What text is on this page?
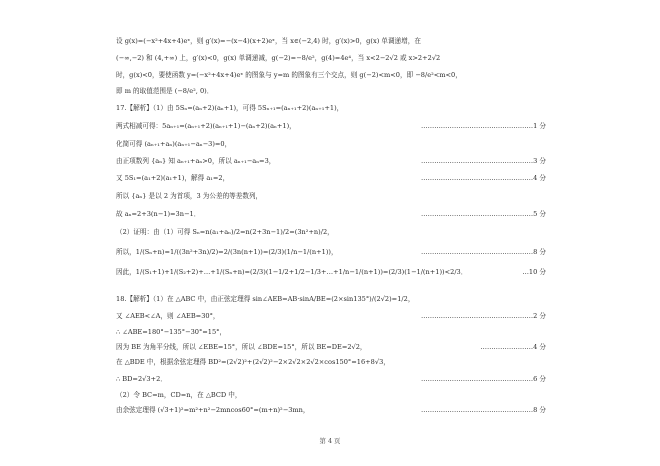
设 g(x)=(−x²+4x+4)eˣ，则 g′(x)=−(x−4)(x+2)eˣ，当 x∈(−2,4) 时，g′(x)>0，g(x) 单调递增，在
(−∞,−2) 和 (4,+∞) 上，g′(x)<0，g(x) 单调递减，g(−2)=−8/e²，g(4)=4e⁴，当 x<2−2√2 或 x>2+2√2
时，g(x)<0，要使函数 y=(−x²+4x+4)eˣ 的图象与 y=m 的图象有三个交点，则 g(−2)<m<0，即 −8/e²<m<0，
即 m 的取值范围是 (−8/e², 0)．
17.【解析】（1）由 5Sₙ=(aₙ+2)(aₙ+1)，可得 5Sₙ₊₁=(aₙ₊₁+2)(aₙ₊₁+1)，
两式相减可得：5aₙ₊₁=(aₙ₊₁+2)(aₙ₊₁+1)−(aₙ+2)(aₙ+1)，	……………………………………………1 分
化简可得 (aₙ₊₁+aₙ)(aₙ₊₁−aₙ−3)=0，
由正项数列 {aₙ} 知 aₙ₊₁+aₙ>0，所以 aₙ₊₁−aₙ=3，	……………………………………………3 分
又 5S₁=(a₁+2)(a₁+1)，解得 a₁=2，	……………………………………………4 分
所以 {aₙ} 是以 2 为首项，3 为公差的等差数列，
故 aₙ=2+3(n−1)=3n−1．	……………………………………………5 分
（2）证明：由（1）可得 Sₙ=n(a₁+aₙ)/2=n(2+3n−1)/2=(3n²+n)/2，
所以，1/(Sₙ+n)=1/((3n²+3n)/2)=2/(3n(n+1))=(2/3)(1/n−1/(n+1))，	……………………………………………8 分
因此，1/(S₁+1)+1/(S₂+2)+…+1/(Sₙ+n)=(2/3)(1−1/2+1/2−1/3+…+1/n−1/(n+1))=(2/3)(1−1/(n+1))<2/3．	…10 分
18.【解析】（1）在 △ABC 中，由正弦定理得 sin∠AEB=AB·sinA/BE=(2×sin135°)/(2√2)=1/2，
又 ∠AEB<∠A，则 ∠AEB=30°，	……………………………………………2 分
∴ ∠ABE=180°−135°−30°=15°，
因为 BE 为角平分线，所以 ∠EBE=15°，所以 ∠BDE=15°，所以 BE=DE=2√2，	……………………4 分
在 △BDE 中，根据余弦定理得 BD²=(2√2)²+(2√2)²−2×2√2×2√2×cos150°=16+8√3，
∴ BD=2√3+2．	……………………………………………6 分
（2）令 BC=m，CD=n，在 △BCD 中，
由余弦定理得 (√3+1)²=m²+n²−2mncos60°=(m+n)²−3mn，	……………………………………………8 分
第 4 页
